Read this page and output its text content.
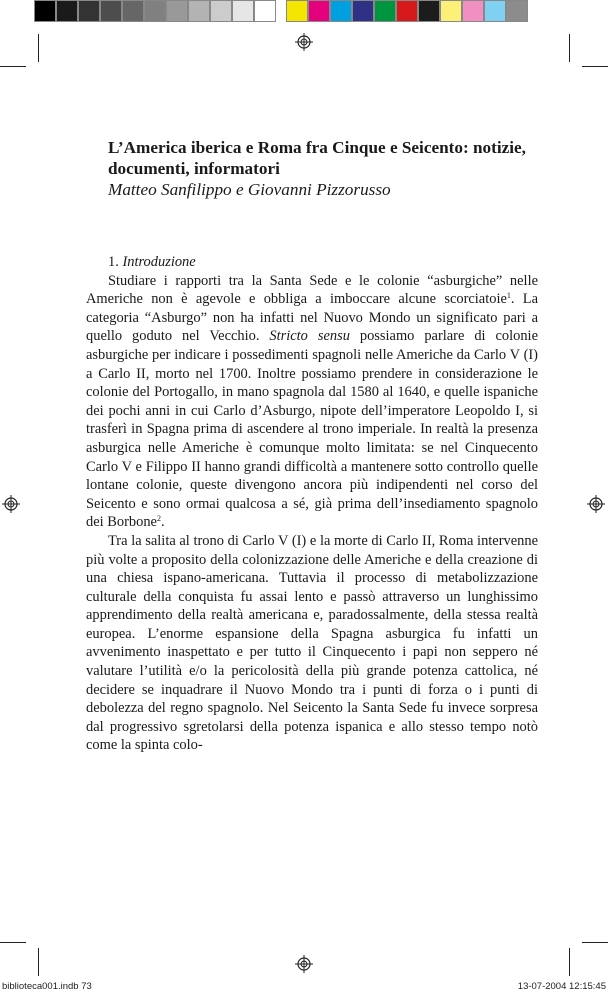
L’America iberica e Roma fra Cinque e Seicento: notizie, documenti, informatori

Matteo Sanfilippo e Giovanni Pizzorusso

1. Introduzione

Studiare i rapporti tra la Santa Sede e le colonie “asburgiche” nelle Americhe non è agevole e obbliga a imboccare alcune scorciatoie$^1$. La categoria “Asburgo” non ha infatti nel Nuovo Mondo un significato pari a quello goduto nel Vecchio. Stricto sensu possiamo parlare di colonie asburgiche per indicare i possedimenti spagnoli nelle Americhe da Carlo V (I) a Carlo II, morto nel 1700. Inoltre possiamo prendere in considerazione le colonie del Portogallo, in mano spagnola dal 1580 al 1640, e quelle ispaniche dei pochi anni in cui Carlo d’Asburgo, nipote dell’imperatore Leopoldo I, si trasferì in Spagna prima di ascendere al trono imperiale. In realtà la presenza asburgica nelle Americhe è comunque molto limitata: se nel Cinquecento Carlo V e Filippo II hanno grandi difficoltà a mantenere sotto controllo quelle lontane colonie, queste divengono ancora più indipendenti nel corso del Seicento e sono ormai qualcosa a sé, già prima dell’insediamento spagnolo dei Borbone$^2$.

Tra la salita al trono di Carlo V (I) e la morte di Carlo II, Roma intervenne più volte a proposito della colonizzazione delle Americhe e della creazione di una chiesa ispano-americana. Tuttavia il processo di metabolizzazione culturale della conquista fu assai lento e passò attraverso un lunghissimo apprendimento della realtà americana e, paradossalmente, della stessa realtà europea. L’enorme espansione della Spagna asburgica fu infatti un avvenimento inaspettato e per tutto il Cinquecento i papi non seppero né valutare l’utilità e/o la pericolosità della più grande potenza cattolica, né decidere se inquadrare il Nuovo Mondo tra i punti di forza o i punti di debolezza del regno spagnolo. Nel Seicento la Santa Sede fu invece sorpresa dal progressivo sgretolarsi della potenza ispanica e allo stesso tempo notò come la spinta colo-

biblioteca001.indb 73	13-07-2004 12:15:45
